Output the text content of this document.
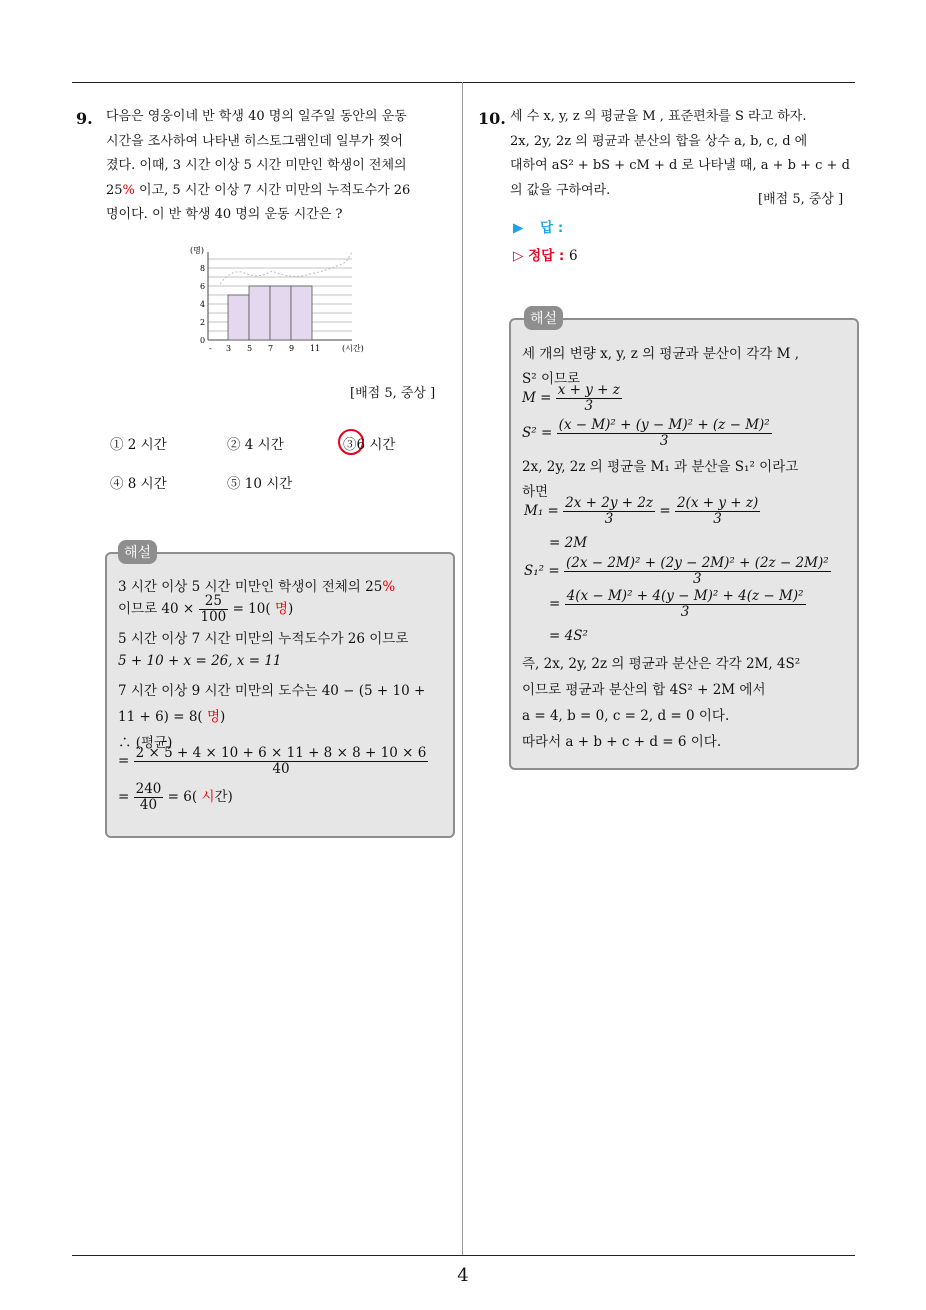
9. 다음은 영웅이네 반 학생 40 명의 일주일 동안의 운동
시간을 조사하여 나타낸 히스토그램인데 일부가 찢어
졌다. 이때, 3 시간 이상 5 시간 미만인 학생이 전체의
25% 이고, 5 시간 이상 7 시간 미만의 누적도수가 26
명이다. 이 반 학생 40 명의 운동 시간은 ?
(명)
(시간)
0
2
4
6
8
- 3 5 7 9 11
[배점 5, 중상 ]
① 2 시간	② 4 시간	③6 시간
④ 8 시간	⑤ 10 시간
해설
3 시간 이상 5 시간 미만인 학생이 전체의 25%
이므로 $40 \times \frac{25}{100} = 10$( 명)
5 시간 이상 7 시간 미만의 누적도수가 26 이므로
5 + 10 + x = 26, x = 11
7 시간 이상 9 시간 미만의 도수는 40 − (5 + 10 +
11 + 6) = 8( 명)
∴ (평균)
= $\frac{2 \times 5 + 4 \times 10 + 6 \times 11 + 8 \times 8 + 10 \times 6}{40}$
= $\frac{240}{40} = 6$( 시간)
10. 세 수 x, y, z 의 평균을 M , 표준편차를 S 라고 하자.
2x, 2y, 2z 의 평균과 분산의 합을 상수 a, b, c, d 에
대하여 aS² + bS + cM + d 로 나타낼 때, a + b + c + d
의 값을 구하여라.
[배점 5, 중상 ]
▶ 답 :
▷ 정답 : 6
해설
세 개의 변량 x, y, z 의 평균과 분산이 각각 M ,
S² 이므로
$M = \frac{x + y + z}{3}$
$S^2 = \frac{\text{(x − M)² + (y − M)² + (z − M)²}}{3}$
2x, 2y, 2z 의 평균을 M₁ 과 분산을 S₁² 이라고
하면
$M_1 = \frac{2x + 2y + 2z}{3} = \frac{2(x + y + z)}{3}$
= 2M
$S_1^2 = \frac{\text{(2x − 2M)² + (2y − 2M)² + (2z − 2M)²}}{3}$
= $\frac{\text{4(x − M)² + 4(y − M)² + 4(z − M)²}}{3}$
= 4S²
즉, 2x, 2y, 2z 의 평균과 분산은 각각 2M, 4S²
이므로 평균과 분산의 합 4S² + 2M 에서
a = 4, b = 0, c = 2, d = 0 이다.
따라서 a + b + c + d = 6 이다.
4
